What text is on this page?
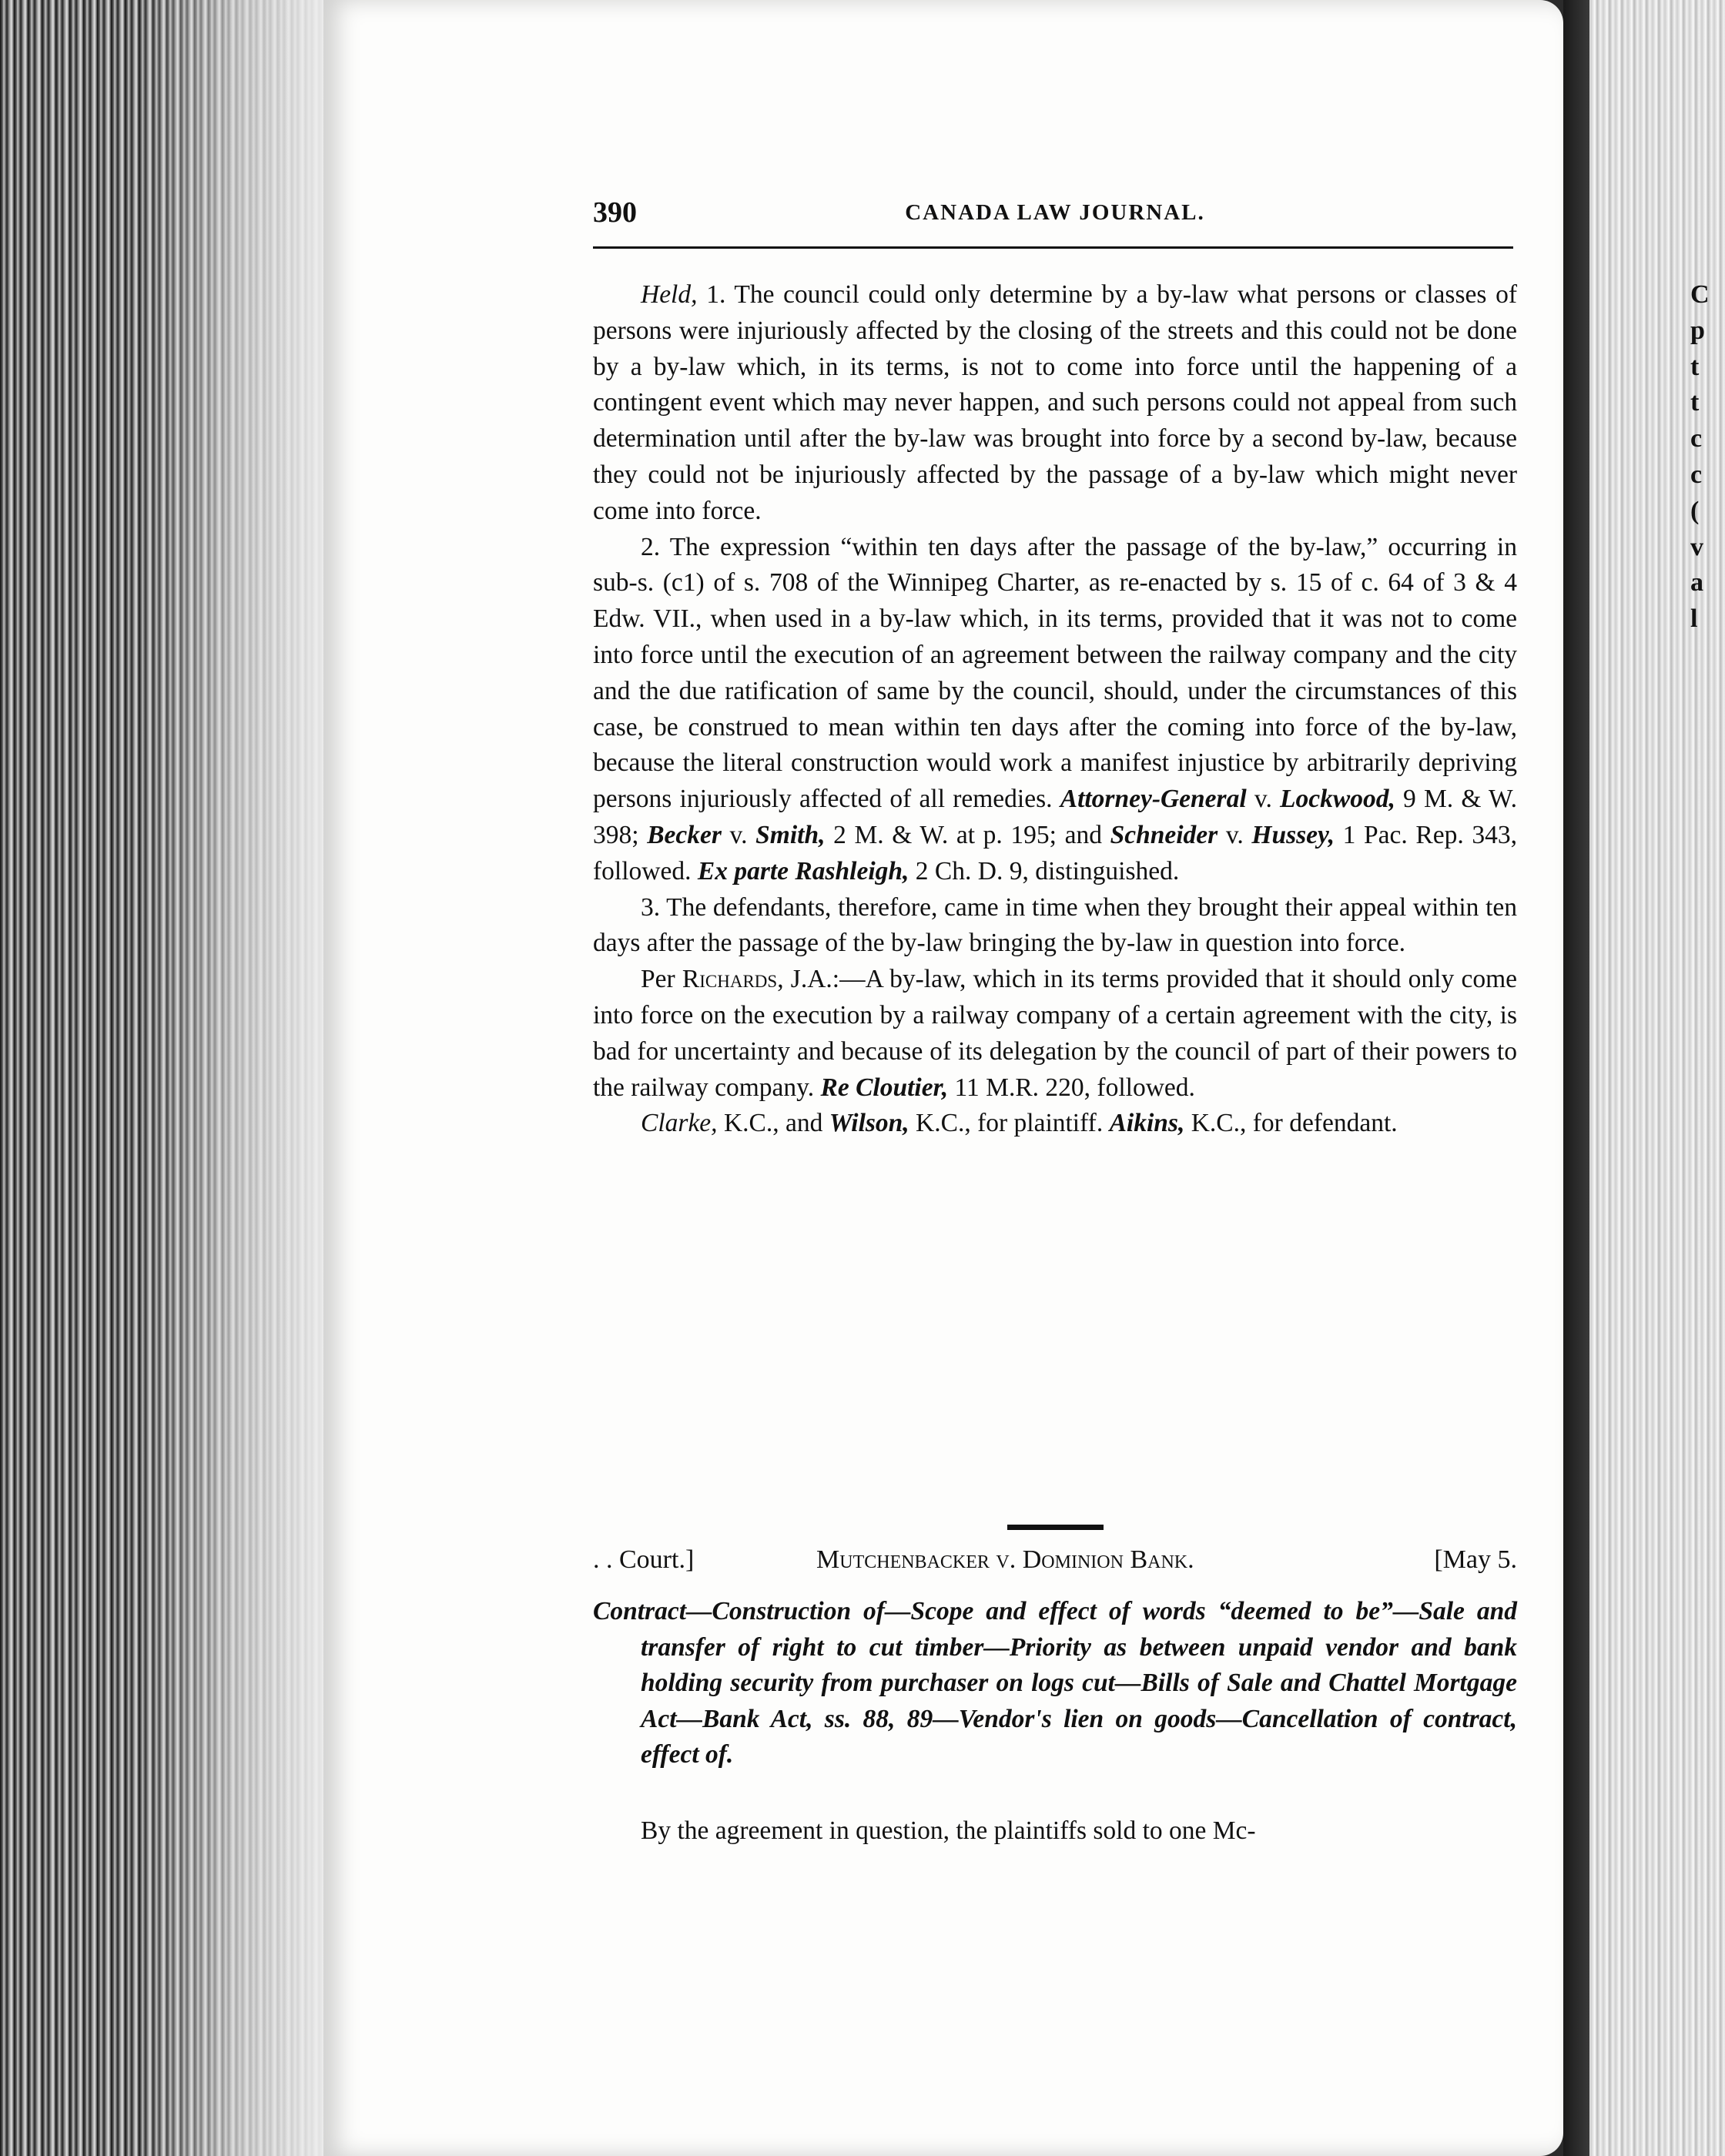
390	CANADA LAW JOURNAL.

Held, 1. The council could only determine by a by-law what persons or classes of persons were injuriously affected by the closing of the streets and this could not be done by a by-law which, in its terms, is not to come into force until the happening of a contingent event which may never happen, and such persons could not appeal from such determination until after the by-law was brought into force by a second by-law, because they could not be injuriously affected by the passage of a by-law which might never come into force.

2. The expression “within ten days after the passage of the by-law,” occurring in sub-s. (c1) of s. 708 of the Winnipeg Charter, as re-enacted by s. 15 of c. 64 of 3 & 4 Edw. VII., when used in a by-law which, in its terms, provided that it was not to come into force until the execution of an agreement between the railway company and the city and the due ratification of same by the council, should, under the circumstances of this case, be construed to mean within ten days after the coming into force of the by-law, because the literal construction would work a manifest injustice by arbitrarily depriving persons injuriously affected of all remedies. Attorney-General v. Lockwood, 9 M. & W. 398; Becker v. Smith, 2 M. & W. at p. 195; and Schneider v. Hussey, 1 Pac. Rep. 343, followed. Ex parte Rashleigh, 2 Ch. D. 9, distinguished.

3. The defendants, therefore, came in time when they brought their appeal within ten days after the passage of the by-law bringing the by-law in question into force.

Per Richards, J.A.:—A by-law, which in its terms provided that it should only come into force on the execution by a railway company of a certain agreement with the city, is bad for uncertainty and because of its delegation by the council of part of their powers to the railway company. Re Cloutier, 11 M.R. 220, followed.

Clarke, K.C., and Wilson, K.C., for plaintiff. Aikins, K.C., for defendant.

. . Court.]	Mutchenbacker v. Dominion Bank.	[May 5.
Contract—Construction of—Scope and effect of words “deemed to be”—Sale and transfer of right to cut timber—Priority as between unpaid vendor and bank holding security from purchaser on logs cut—Bills of Sale and Chattel Mortgage Act—Bank Act, ss. 88, 89—Vendor's lien on goods—Cancellation of contract, effect of.
By the agreement in question, the plaintiffs sold to one Mc-
C
p
t
t
c
c
(
v
a
l
